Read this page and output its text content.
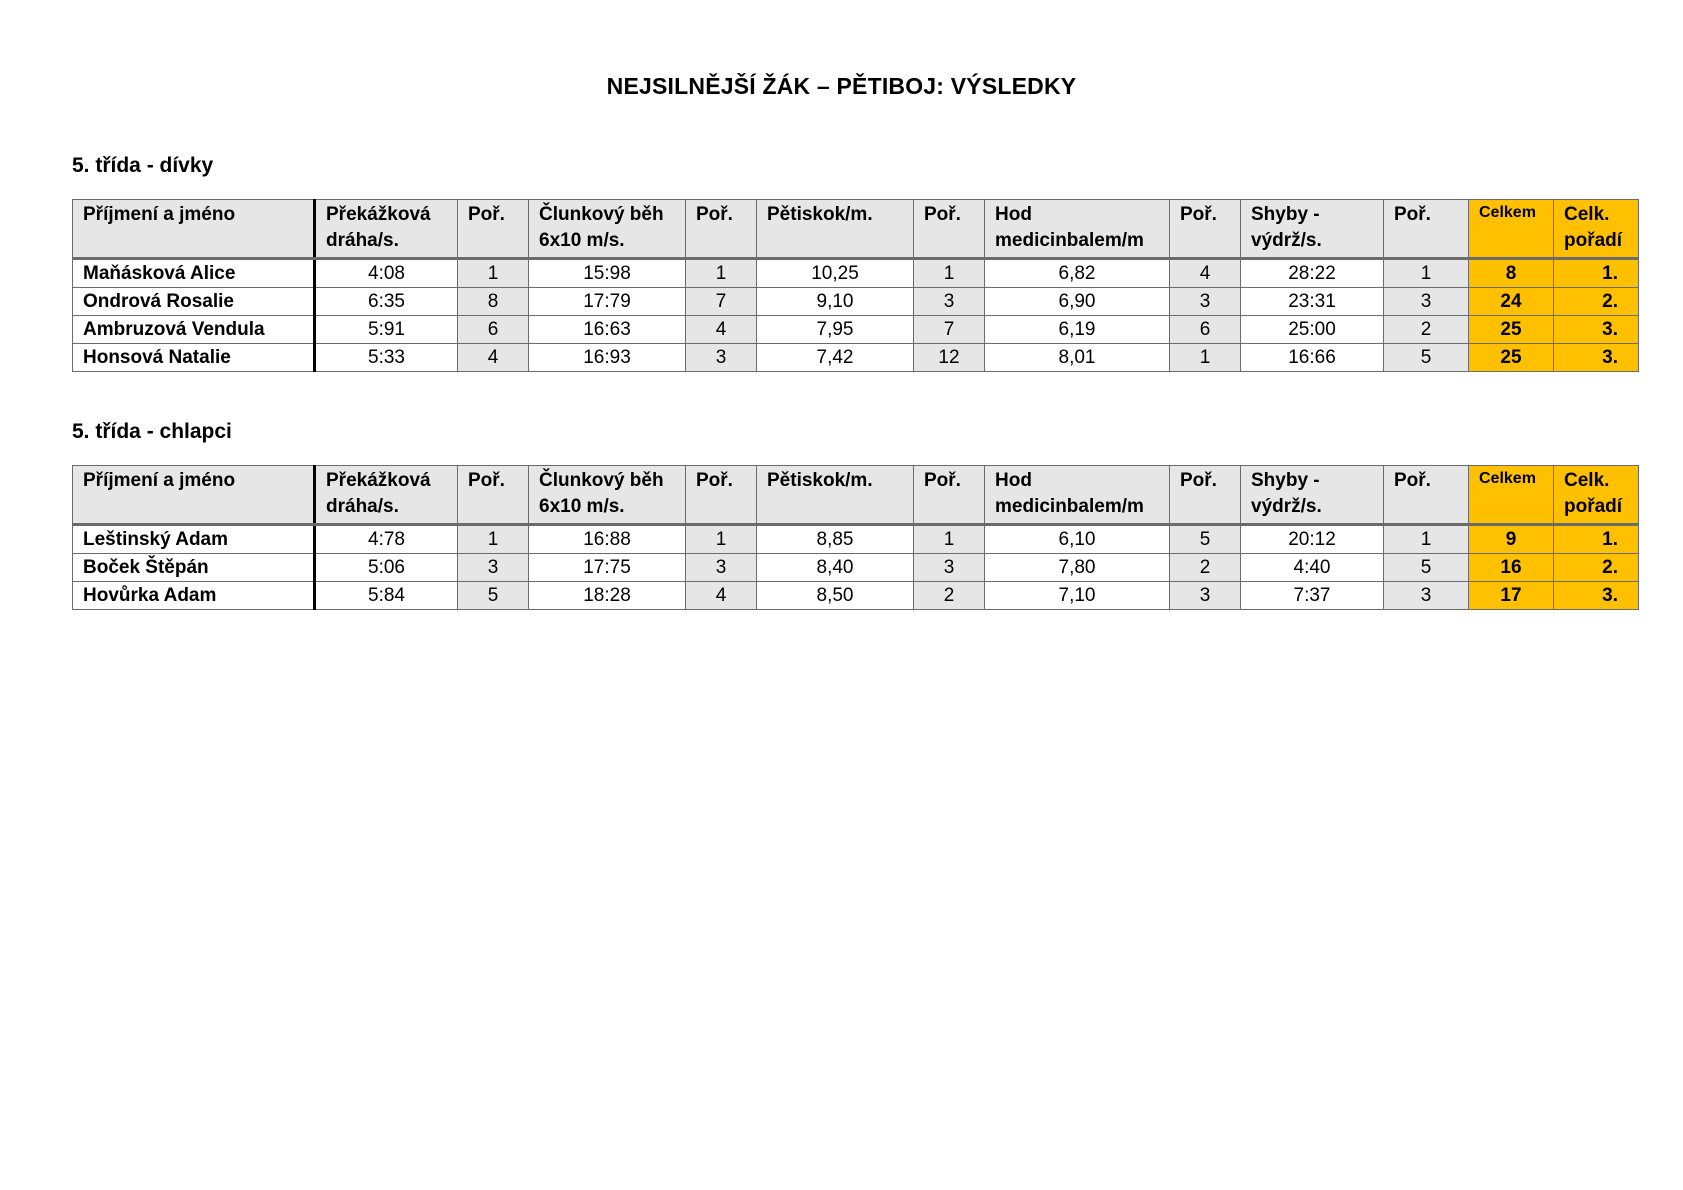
NEJSILNĚJŠÍ ŽÁK – PĚTIBOJ: VÝSLEDKY
5. třída - dívky
Příjmení a jméno	Překážková dráha/s.	Poř.	Člunkový běh 6x10 m/s.	Poř.	Pětiskok/m.	Poř.	Hod medicinbalem/m	Poř.	Shyby -výdrž/s.	Poř.	Celkem	Celk. pořadí
Maňásková Alice	4:08	1	15:98	1	10,25	1	6,82	4	28:22	1	8	1.
Ondrová Rosalie	6:35	8	17:79	7	9,10	3	6,90	3	23:31	3	24	2.
Ambruzová Vendula	5:91	6	16:63	4	7,95	7	6,19	6	25:00	2	25	3.
Honsová Natalie	5:33	4	16:93	3	7,42	12	8,01	1	16:66	5	25	3.
5. třída - chlapci
Příjmení a jméno	Překážková dráha/s.	Poř.	Člunkový běh 6x10 m/s.	Poř.	Pětiskok/m.	Poř.	Hod medicinbalem/m	Poř.	Shyby -výdrž/s.	Poř.	Celkem	Celk. pořadí
Leštinský Adam	4:78	1	16:88	1	8,85	1	6,10	5	20:12	1	9	1.
Boček Štěpán	5:06	3	17:75	3	8,40	3	7,80	2	4:40	5	16	2.
Hovůrka Adam	5:84	5	18:28	4	8,50	2	7,10	3	7:37	3	17	3.
